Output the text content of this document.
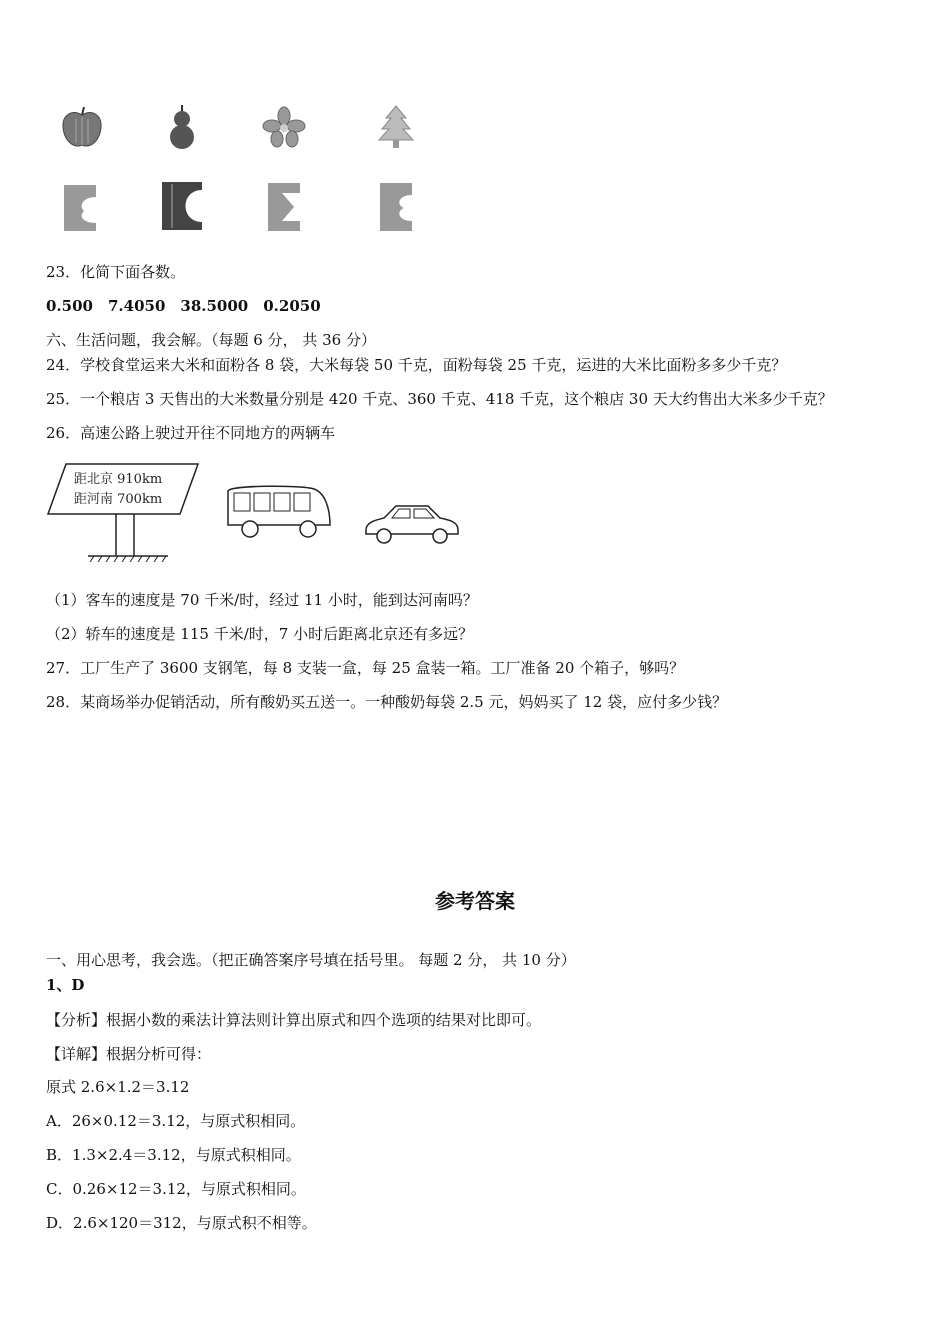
23．化简下面各数。
0.500　7.4050　38.5000　0.2050
六、生活问题，我会解。（每题 6 分， 共 36 分）
24．学校食堂运来大米和面粉各 8 袋，大米每袋 50 千克，面粉每袋 25 千克，运进的大米比面粉多多少千克？
25．一个粮店 3 天售出的大米数量分别是 420 千克、360 千克、418 千克，这个粮店 30 天大约售出大米多少千克？
26．高速公路上驶过开往不同地方的两辆车
距北京 910km
距河南 700km
（1）客车的速度是 70 千米/时，经过 11 小时，能到达河南吗？
（2）轿车的速度是 115 千米/时，7 小时后距离北京还有多远？
27．工厂生产了 3600 支钢笔，每 8 支装一盒，每 25 盒装一箱。工厂准备 20 个箱子，够吗？
28．某商场举办促销活动，所有酸奶买五送一。一种酸奶每袋 2.5 元，妈妈买了 12 袋，应付多少钱？
参考答案
一、用心思考，我会选。（把正确答案序号填在括号里。 每题 2 分， 共 10 分）
1、D
【分析】根据小数的乘法计算法则计算出原式和四个选项的结果对比即可。
【详解】根据分析可得：
原式 2.6×1.2＝3.12
A．26×0.12＝3.12，与原式积相同。
B．1.3×2.4＝3.12，与原式积相同。
C．0.26×12＝3.12，与原式积相同。
D．2.6×120＝312，与原式积不相等。
